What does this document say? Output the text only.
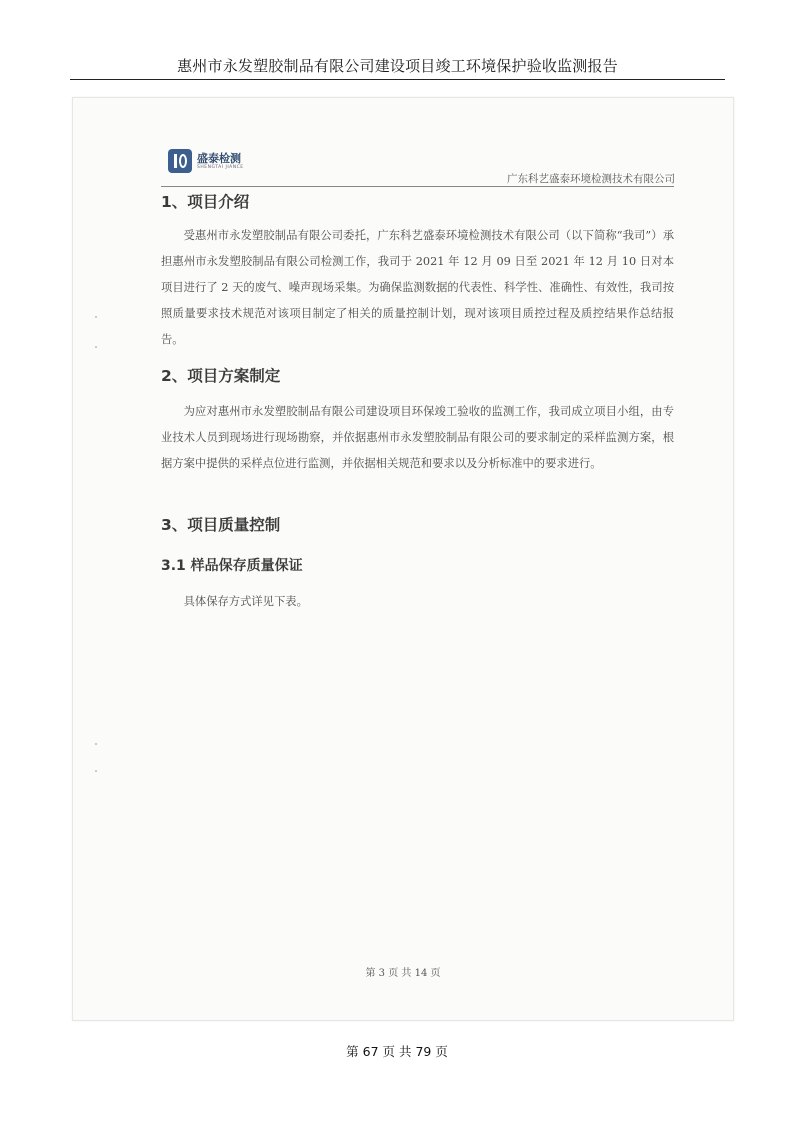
惠州市永发塑胶制品有限公司建设项目竣工环境保护验收监测报告
盛泰检测
SHENGTAI JIANCE
广东科艺盛泰环境检测技术有限公司
1、项目介绍

受惠州市永发塑胶制品有限公司委托，广东科艺盛泰环境检测技术有限公司（以下简称“我司”）承担惠州市永发塑胶制品有限公司检测工作，我司于 2021 年 12 月 09 日至 2021 年 12 月 10 日对本项目进行了 2 天的废气、噪声现场采集。为确保监测数据的代表性、科学性、准确性、有效性，我司按照质量要求技术规范对该项目制定了相关的质量控制计划，现对该项目质控过程及质控结果作总结报告。

2、项目方案制定

为应对惠州市永发塑胶制品有限公司建设项目环保竣工验收的监测工作，我司成立项目小组，由专业技术人员到现场进行现场勘察，并依据惠州市永发塑胶制品有限公司的要求制定的采样监测方案，根据方案中提供的采样点位进行监测，并依据相关规范和要求以及分析标准中的要求进行。

3、项目质量控制
3.1 样品保存质量保证

具体保存方式详见下表。

第 3 页 共 14 页
第 67 页 共 79 页
